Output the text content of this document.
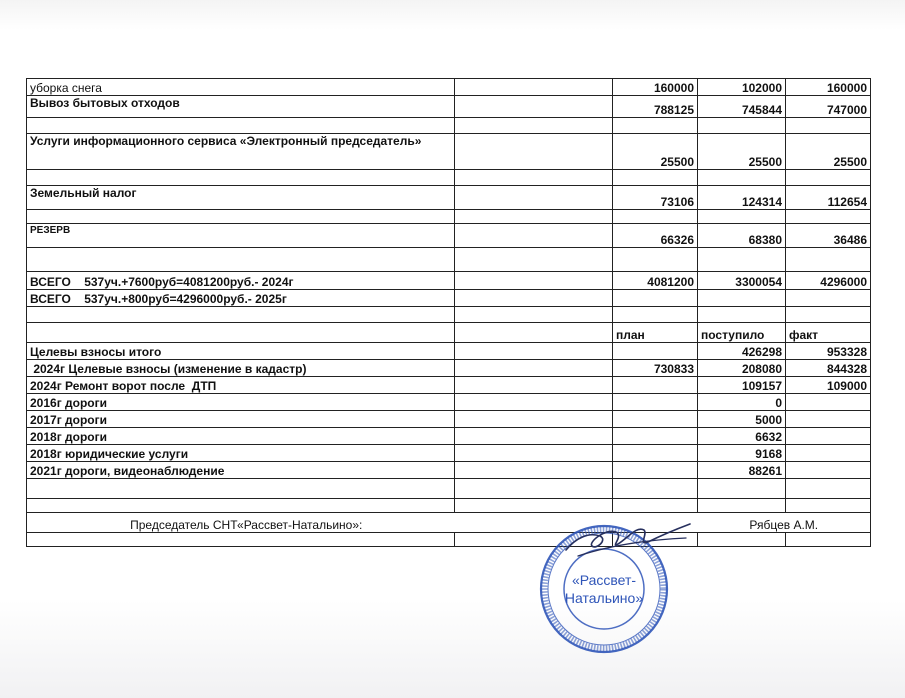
уборка снега		160000	102000	160000
Вывоз бытовых отходов		788125	745844	747000

Услуги информационного сервиса «Электронный председатель»		25500	25500	25500

Земельный налог		73106	124314	112654

РЕЗЕРВ		66326	68380	36486

ВСЕГО    537уч.+7600руб=4081200руб.- 2024г		4081200	3300054	4296000
ВСЕГО    537уч.+800руб=4296000руб.- 2025г				

		план	поступило	факт
Целевы взносы итого			426298	953328
2024г Целевые взносы (изменение в кадастр)		730833	208080	844328
2024г Ремонт ворот после  ДТП			109157	109000
2016г дороги			0	
2017г дороги			5000	
2018г дороги			6632	
2018г юридические услуги			9168	
2021г дороги, видеонаблюдение			88261	

Председатель СНТ«Рассвет-Натальино»:			Рябцев А.М.	

«Рассвет-
Натальино»
